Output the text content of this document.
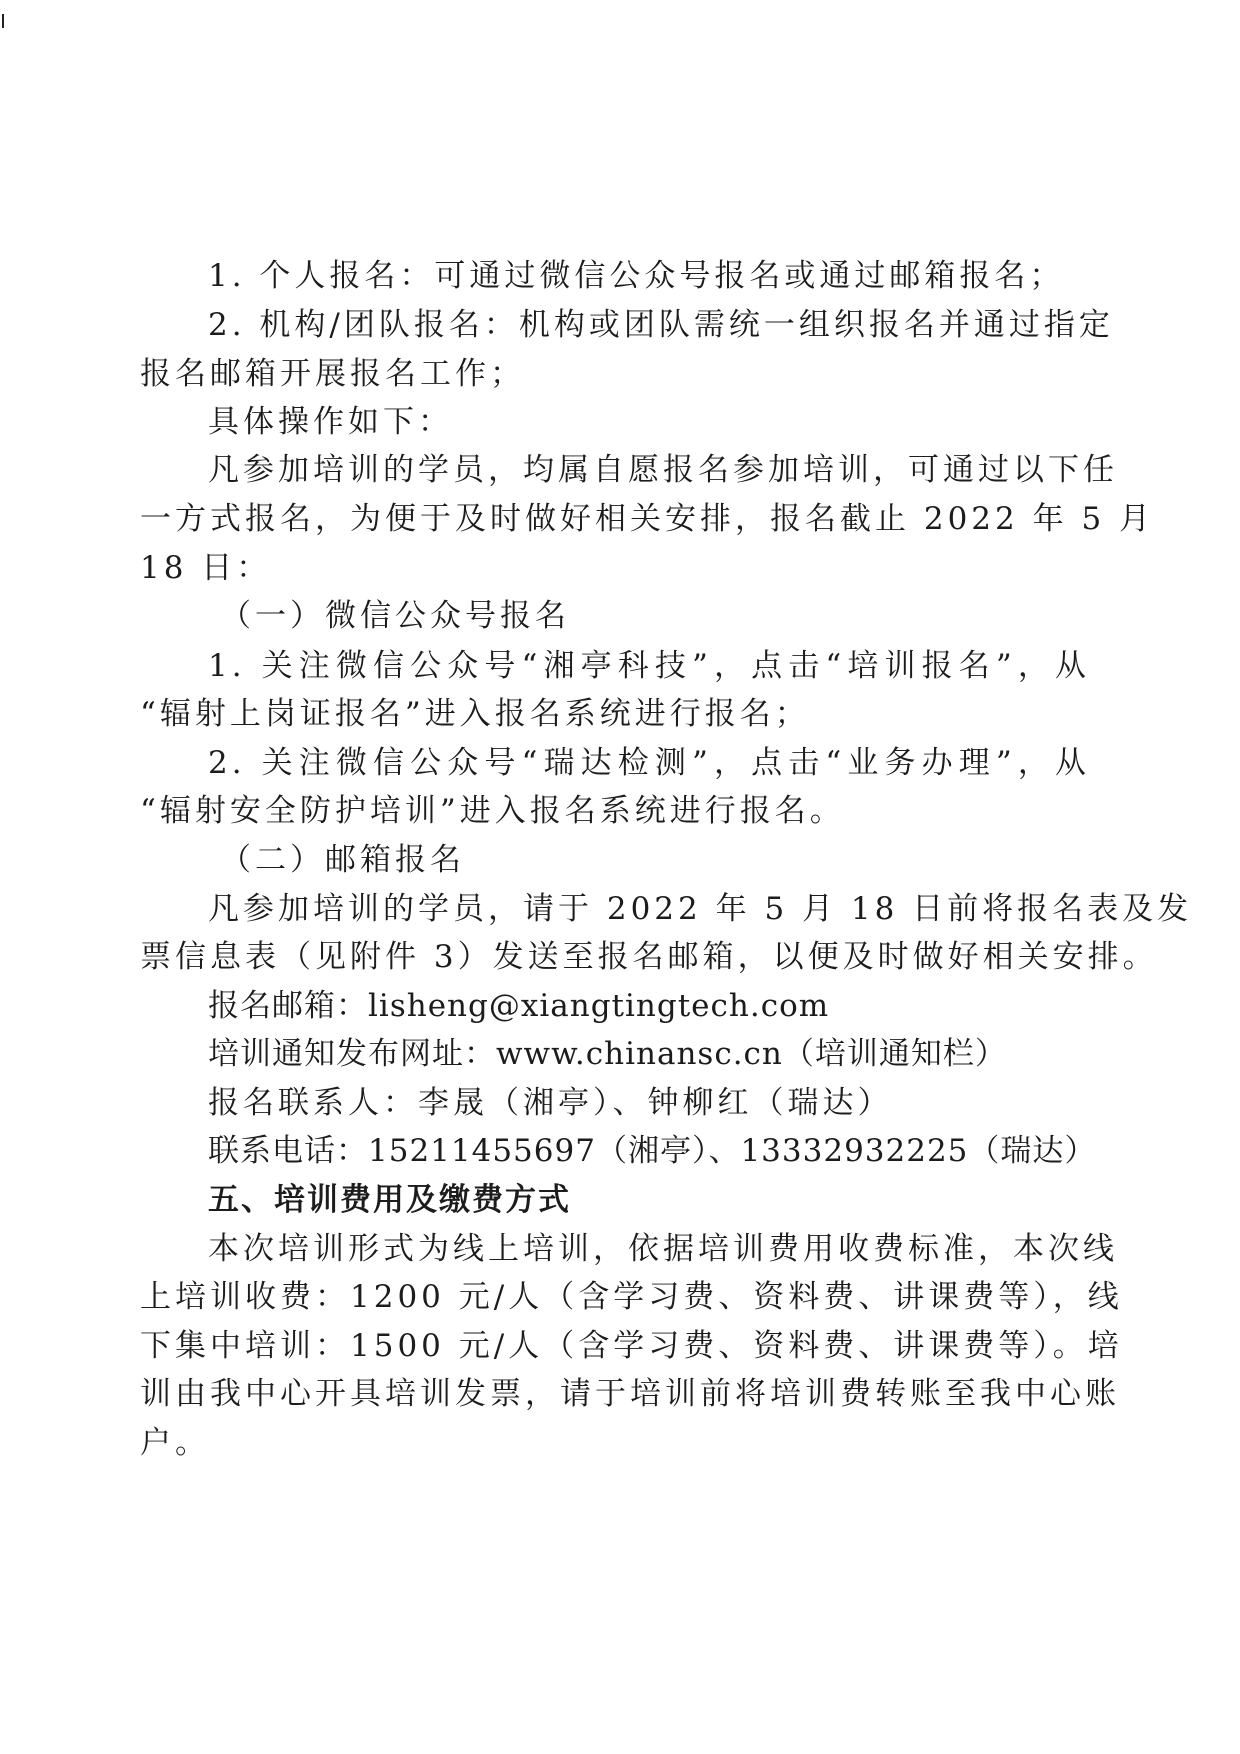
1. 个人报名：可通过微信公众号报名或通过邮箱报名；
2. 机构/团队报名：机构或团队需统一组织报名并通过指定
报名邮箱开展报名工作；
具体操作如下：
凡参加培训的学员，均属自愿报名参加培训，可通过以下任
一方式报名，为便于及时做好相关安排，报名截止 2022 年 5 月
18 日：
（一）微信公众号报名
1. 关注微信公众号“湘亭科技”，点击“培训报名”，从
“辐射上岗证报名”进入报名系统进行报名；
2. 关注微信公众号“瑞达检测”，点击“业务办理”，从
“辐射安全防护培训”进入报名系统进行报名。
（二）邮箱报名
凡参加培训的学员，请于 2022 年 5 月 18 日前将报名表及发
票信息表（见附件 3）发送至报名邮箱，以便及时做好相关安排。
报名邮箱：lisheng@xiangtingtech.com
培训通知发布网址：www.chinansc.cn（培训通知栏）
报名联系人：李晟（湘亭）、钟柳红（瑞达）
联系电话：15211455697（湘亭）、13332932225（瑞达）
五、培训费用及缴费方式
本次培训形式为线上培训，依据培训费用收费标准，本次线
上培训收费：1200 元/人（含学习费、资料费、讲课费等），线
下集中培训：1500 元/人（含学习费、资料费、讲课费等）。培
训由我中心开具培训发票，请于培训前将培训费转账至我中心账
户。
